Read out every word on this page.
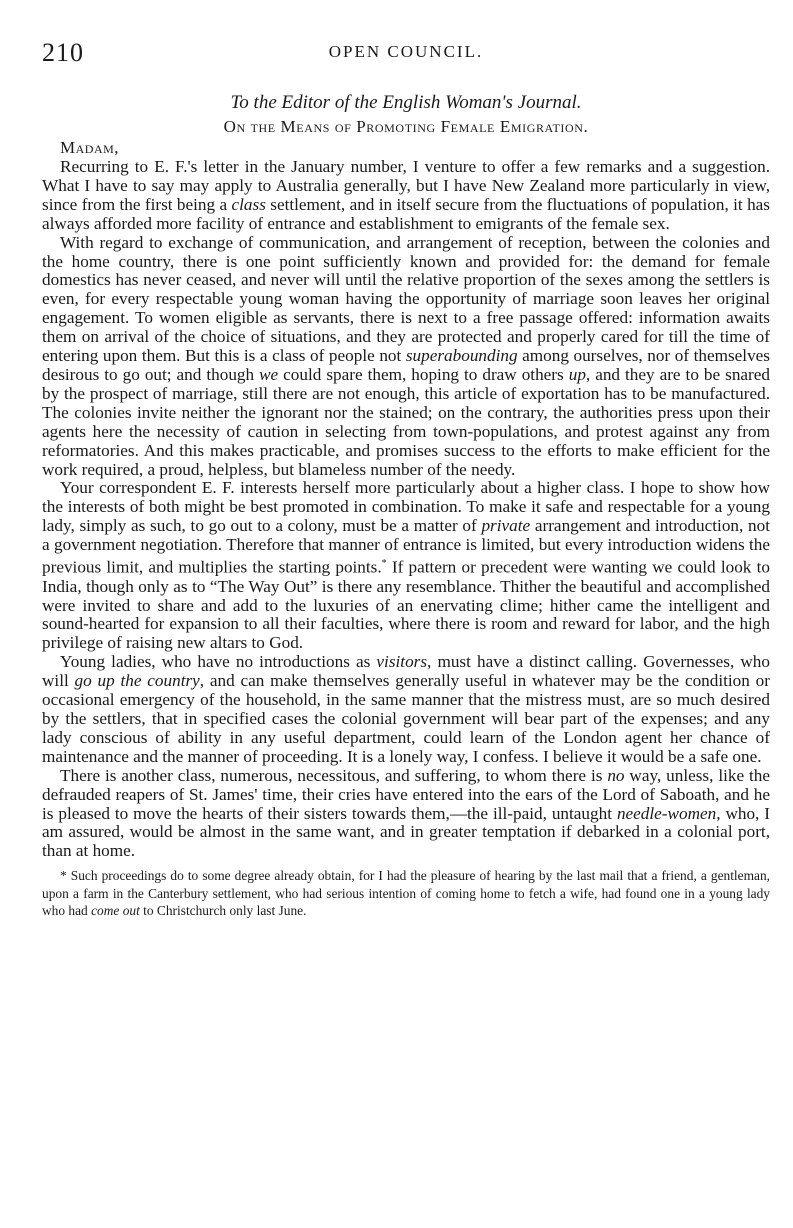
210	OPEN COUNCIL.
To the Editor of the English Woman's Journal.
On the Means of Promoting Female Emigration.
Madam,

Recurring to E. F.'s letter in the January number, I venture to offer a few remarks and a suggestion. What I have to say may apply to Australia generally, but I have New Zealand more particularly in view, since from the first being a class settlement, and in itself secure from the fluctuations of population, it has always afforded more facility of entrance and establishment to emigrants of the female sex.

With regard to exchange of communication, and arrangement of reception, between the colonies and the home country, there is one point sufficiently known and provided for: the demand for female domestics has never ceased, and never will until the relative proportion of the sexes among the settlers is even, for every respectable young woman having the opportunity of marriage soon leaves her original engagement. To women eligible as servants, there is next to a free passage offered: information awaits them on arrival of the choice of situations, and they are protected and properly cared for till the time of entering upon them. But this is a class of people not superabounding among ourselves, nor of themselves desirous to go out; and though we could spare them, hoping to draw others up, and they are to be snared by the prospect of marriage, still there are not enough, this article of exportation has to be manufactured. The colonies invite neither the ignorant nor the stained; on the contrary, the authorities press upon their agents here the necessity of caution in selecting from town-populations, and protest against any from reformatories. And this makes practicable, and promises success to the efforts to make efficient for the work required, a proud, helpless, but blameless number of the needy.

Your correspondent E. F. interests herself more particularly about a higher class. I hope to show how the interests of both might be best promoted in combination. To make it safe and respectable for a young lady, simply as such, to go out to a colony, must be a matter of private arrangement and introduction, not a government negotiation. Therefore that manner of entrance is limited, but every introduction widens the previous limit, and multiplies the starting points.* If pattern or precedent were wanting we could look to India, though only as to “The Way Out” is there any resemblance. Thither the beautiful and accomplished were invited to share and add to the luxuries of an enervating clime; hither came the intelligent and sound-hearted for expansion to all their faculties, where there is room and reward for labor, and the high privilege of raising new altars to God.

Young ladies, who have no introductions as visitors, must have a distinct calling. Governesses, who will go up the country, and can make themselves generally useful in whatever may be the condition or occasional emergency of the household, in the same manner that the mistress must, are so much desired by the settlers, that in specified cases the colonial government will bear part of the expenses; and any lady conscious of ability in any useful department, could learn of the London agent her chance of maintenance and the manner of proceeding. It is a lonely way, I confess. I believe it would be a safe one.

There is another class, numerous, necessitous, and suffering, to whom there is no way, unless, like the defrauded reapers of St. James' time, their cries have entered into the ears of the Lord of Saboath, and he is pleased to move the hearts of their sisters towards them,—the ill-paid, untaught needle-women, who, I am assured, would be almost in the same want, and in greater temptation if debarked in a colonial port, than at home.

* Such proceedings do to some degree already obtain, for I had the pleasure of hearing by the last mail that a friend, a gentleman, upon a farm in the Canterbury settlement, who had serious intention of coming home to fetch a wife, had found one in a young lady who had come out to Christchurch only last June.
